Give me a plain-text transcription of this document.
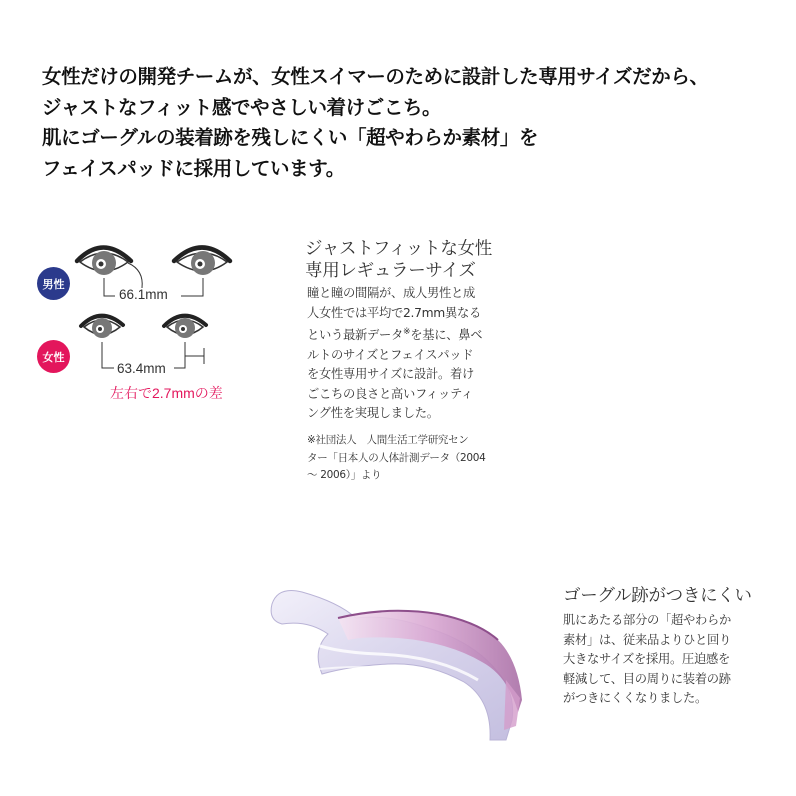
女性だけの開発チームが、女性スイマーのために設計した専用サイズだから、
ジャストなフィット感でやさしい着けごこち。
肌にゴーグルの装着跡を残しにくい「超やわらか素材」を
フェイスパッドに採用しています。
男性
女性
66.1mm
63.4mm
左右で2.7mmの差
ジャストフィットな女性
専用レギュラーサイズ
瞳と瞳の間隔が、成人男性と成
人女性では平均で2.7mm異なる
という最新データ※を基に、鼻ベ
ルトのサイズとフェイスパッド
を女性専用サイズに設計。着け
ごこちの良さと高いフィッティ
ング性を実現しました。
※社団法人　人間生活工学研究セン
ター「日本人の人体計測データ（2004
～ 2006）」より
ゴーグル跡がつきにくい
肌にあたる部分の「超やわらか
素材」は、従来品よりひと回り
大きなサイズを採用。圧迫感を
軽減して、目の周りに装着の跡
がつきにくくなりました。
